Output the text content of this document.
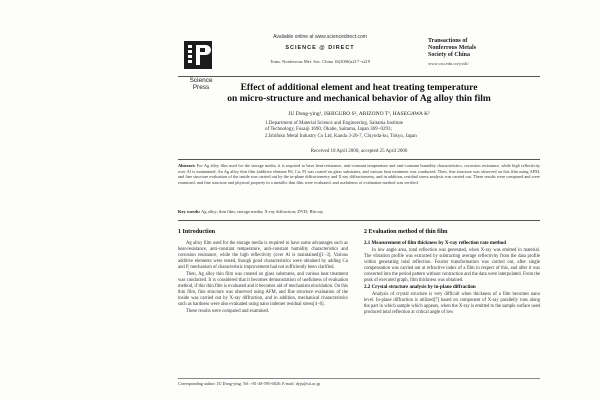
Science
Press
Available online at www.sciencedirect.com
SCIENCE @ DIRECT
Trans. Nonferrous Met. Soc. China 16(2006)s217−s219
Transactions of
Nonferrous Metals
Society of China
www.csu.edu.cn/ysxb/
Effect of additional element and heat treating temperature
on micro-structure and mechanical behavior of Ag alloy thin film
JU Dong-ying¹, ISHIGURO S¹, ARIZONO T¹, HASEGAWA K²
1.Department of Material Science and Engineering, Saitama Institute
of Technology, Fusaiji 1690, Okabe, Saitama, Japan 369−0293;
2.Ishifuku Metal Industry Co Ltd, Kanda 3-20-7, Chiyoda-ku, Tokyo, Japan
Received 10 April 2006; accepted 25 April 2006
Abstract: For Ag alloy film used for the storage media, it is required to have heat-resistance, anti-constant temperature and anti-constant humidity characteristics, corrosion resistance, while high reflectivity over Al is maintained. An Ag alloy thin film (additive element Pd, Cu, P) was coated on glass substrates, and various heat treatment was conducted. Then, fine structure was observed on this film using AFM, and fine structure evaluation of the inside was carried out by the in-plane diffractometry and X-ray diffractometry, and in addition, residual stress analysis was carried out. These results were compared and were examined, and fine structure and physical property in a metallic thin film were evaluated, and usefulness of evaluation method was verified.
Key words: Ag alloy; thin film; storage media; X-ray diffraction; DVD; Blu-ray
1 Introduction

Ag alloy film used for the storage media is required to have some advantages such as heat-resistance, anti-constant temperature, anti-constant humidity characteristics and corrosion resistance, while the high reflectivity (over Al is maintained)[1−3]. Various additive elements were tested, though good characteristics were obtained by adding Cu and P, mechanism of characteristic improvement had not sufficiently been clarified.

Then, Ag alloy thin film was created on glass substrates, and various heat treatment was conducted. It is considered that it becomes demonstration of usefulness of evaluation method, if this thin film is evaluated and it becomes aid of mechanism elucidation. On this thin film, fine structure was observed using AFM, and fine structure evaluation of the inside was carried out by X-ray diffraction, and in addition, mechanical characteristics such as hardness were also evaluated using nano indenter residual stress[4−6].

These results were compared and examined.

2 Evaluation method of thin film
2.1 Measurement of film thickness by X-ray reflection rate method

In low angle area, total reflection was generated, when X-ray was emitted in material. The vibration profile was extracted by subtracting average reflectivity from the data profile within generating total reflection. Fourier transformation was carried out, after single compensation was carried out at refractive index of a film in respect of this, and after it was converted into the period pattern without contraction and the data were interpolated. From the peak of executed graph, film thickness was obtained.

2.2 Crystal structure analysis by in-plane diffraction

Analysis of crystal structure is very difficult when thickness of a film becomes nano level. In-plane diffraction is utilized[7] based on component of X-ray parallelly runs along the part in which sample which appears, when the X-ray is emitted to the sample surface used produced total reflection at critical angle of low

Corresponding author: JU Dong-ying; Tel: +81-48-595-6826; E-mail: dyju@sit.ac.jp
